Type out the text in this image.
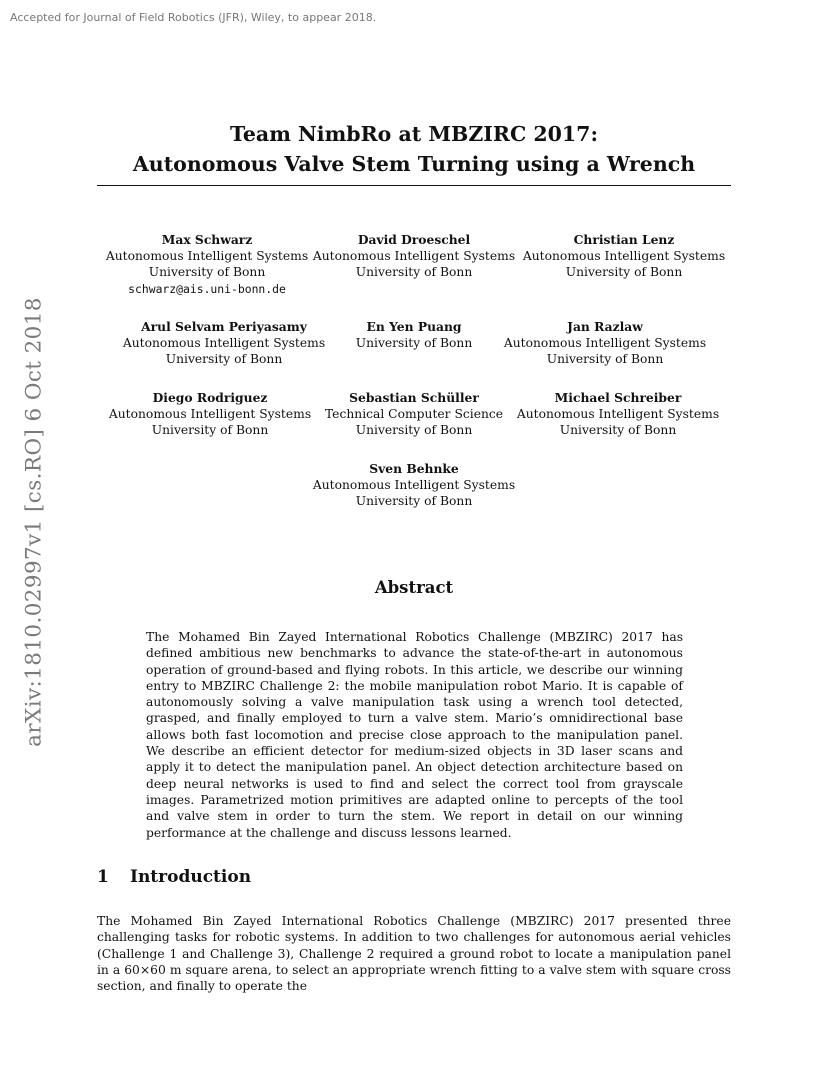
Accepted for Journal of Field Robotics (JFR), Wiley, to appear 2018.
arXiv:1810.02997v1 [cs.RO] 6 Oct 2018
Team NimbRo at MBZIRC 2017:
Autonomous Valve Stem Turning using a Wrench
Max Schwarz
Autonomous Intelligent Systems
University of Bonn
schwarz@ais.uni-bonn.de
David Droeschel
Autonomous Intelligent Systems
University of Bonn
Christian Lenz
Autonomous Intelligent Systems
University of Bonn
Arul Selvam Periyasamy
Autonomous Intelligent Systems
University of Bonn
En Yen Puang
University of Bonn
Jan Razlaw
Autonomous Intelligent Systems
University of Bonn
Diego Rodriguez
Autonomous Intelligent Systems
University of Bonn
Sebastian Schüller
Technical Computer Science
University of Bonn
Michael Schreiber
Autonomous Intelligent Systems
University of Bonn
Sven Behnke
Autonomous Intelligent Systems
University of Bonn
Abstract
The Mohamed Bin Zayed International Robotics Challenge (MBZIRC) 2017 has defined ambitious new benchmarks to advance the state-of-the-art in autonomous operation of ground-based and flying robots. In this article, we describe our winning entry to MBZIRC Challenge 2: the mobile manipulation robot Mario. It is capable of autonomously solving a valve manipulation task using a wrench tool detected, grasped, and finally employed to turn a valve stem. Mario’s omnidirectional base allows both fast locomotion and precise close approach to the manipulation panel. We describe an efficient detector for medium-sized objects in 3D laser scans and apply it to detect the manipulation panel. An object detection architecture based on deep neural networks is used to find and select the correct tool from grayscale images. Parametrized motion primitives are adapted online to percepts of the tool and valve stem in order to turn the stem. We report in detail on our winning performance at the challenge and discuss lessons learned.
1 Introduction
The Mohamed Bin Zayed International Robotics Challenge (MBZIRC) 2017 presented three challenging tasks for robotic systems. In addition to two challenges for autonomous aerial vehicles (Challenge 1 and Challenge 3), Challenge 2 required a ground robot to locate a manipulation panel in a 60×60 m square arena, to select an appropriate wrench fitting to a valve stem with square cross section, and finally to operate the
